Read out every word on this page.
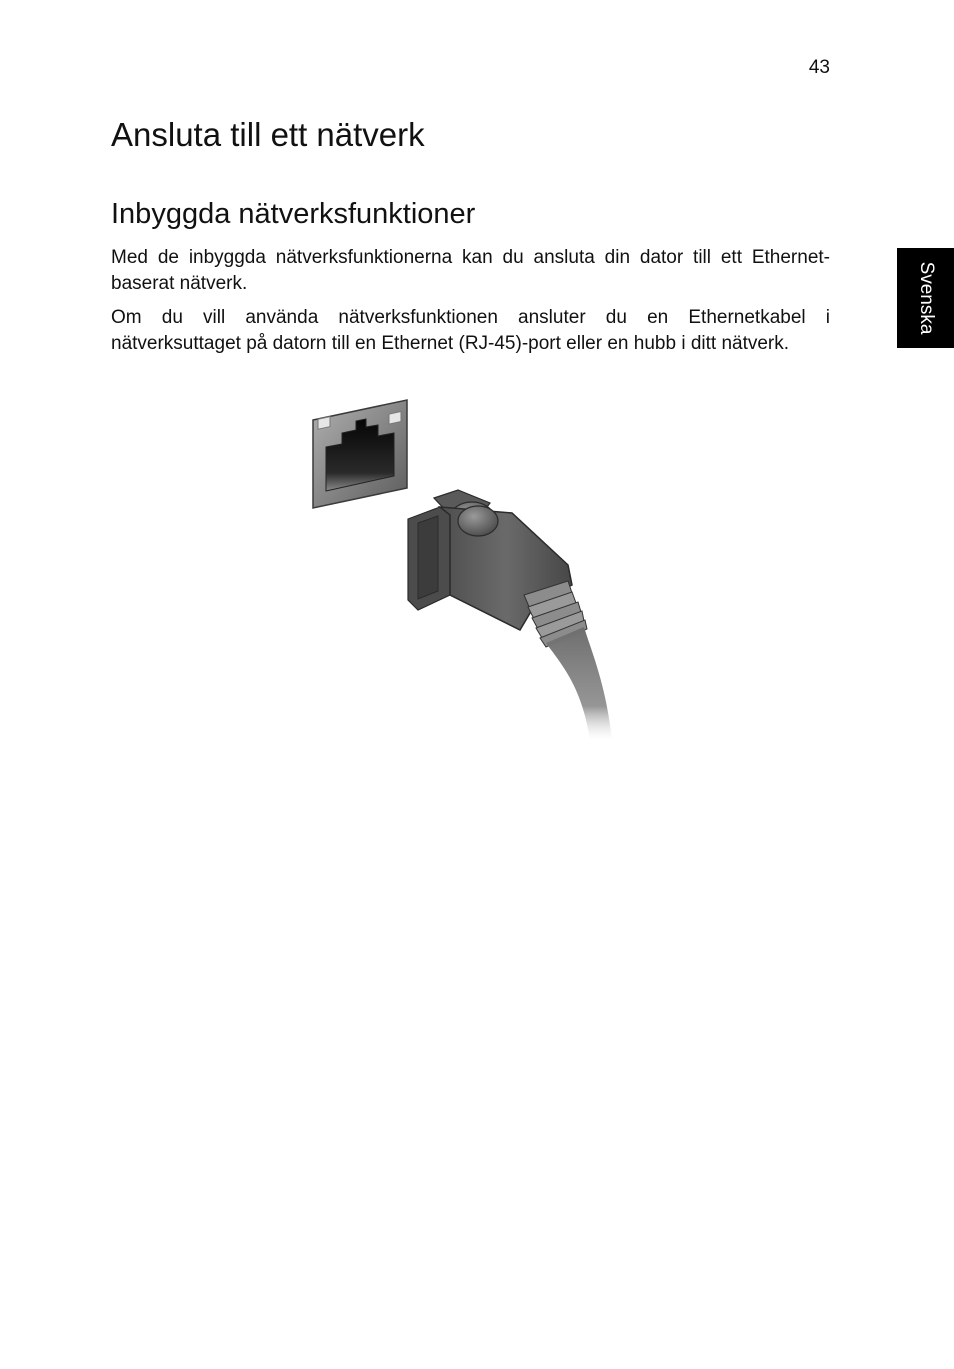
43
Ansluta till ett nätverk
Inbyggda nätverksfunktioner

Med de inbyggda nätverksfunktionerna kan du ansluta din dator till ett Ethernet-baserat nätverk.

Om du vill använda nätverksfunktionen ansluter du en Ethernetkabel i nätverksuttaget på datorn till en Ethernet (RJ-45)-port eller en hubb i ditt nätverk.

Svenska
